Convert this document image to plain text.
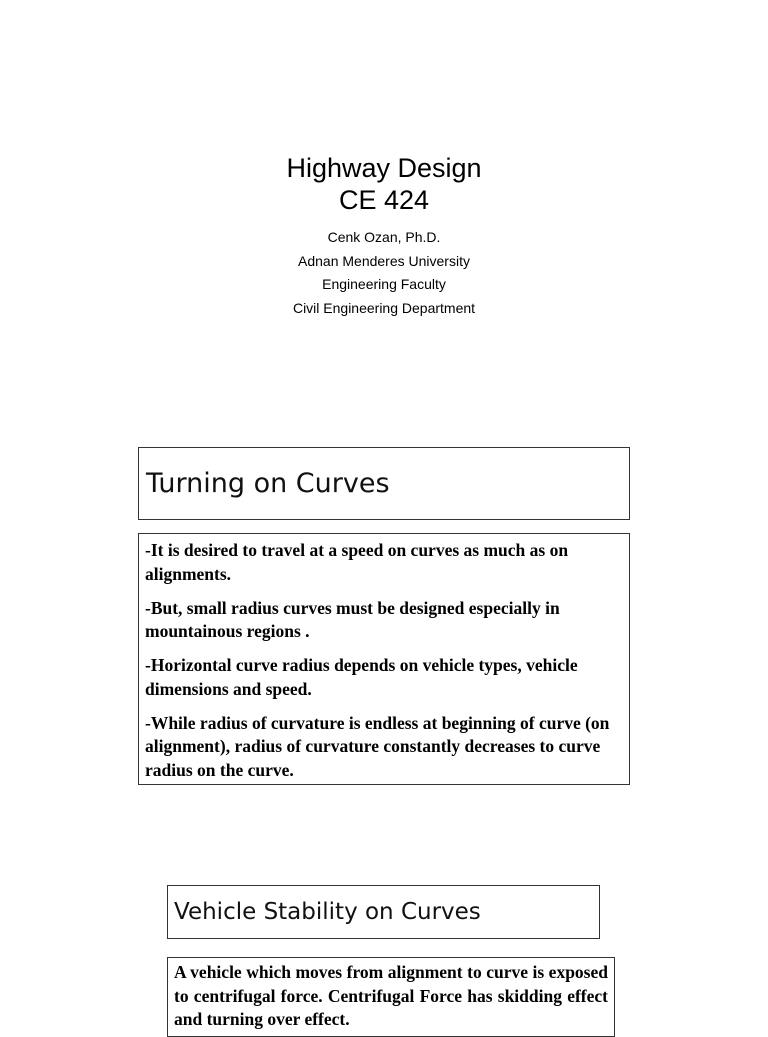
Highway Design
CE 424
Cenk Ozan, Ph.D.
Adnan Menderes University
Engineering Faculty
Civil Engineering Department
Turning on Curves

-It is desired to travel at a speed on curves as much as on alignments.

-But, small radius curves must be designed especially in mountainous regions .

-Horizontal curve radius depends on vehicle types, vehicle dimensions and speed.

-While radius of curvature is endless at beginning of curve (on alignment), radius of curvature constantly decreases to curve radius on the curve.

Vehicle Stability on Curves
A vehicle which moves from alignment to curve is exposed to centrifugal force. Centrifugal Force has skidding effect and turning over effect.
